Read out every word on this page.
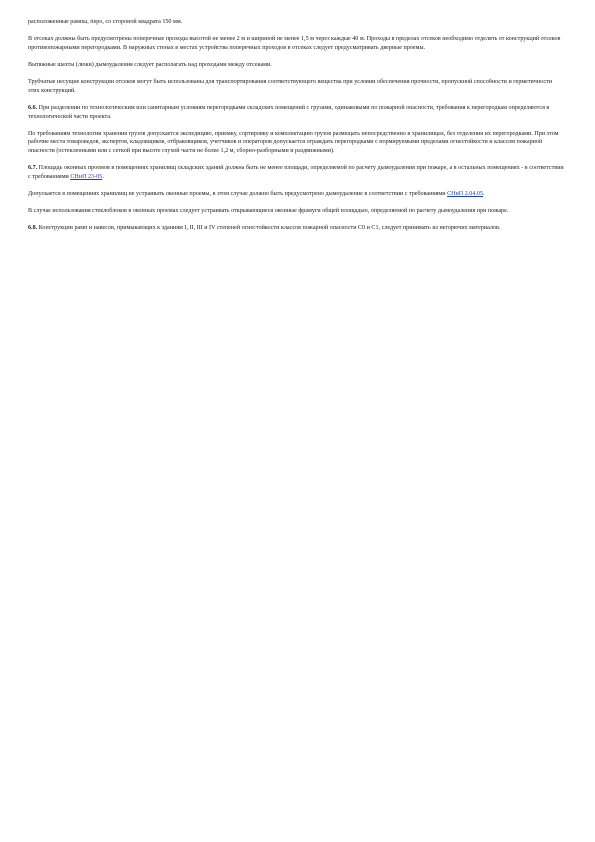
расположенные рампы, перо, со стороной квадрата 150 мм.

В отсеках должны быть предусмотрены поперечные проходы высотой не менее 2 м и шириной не менее 1,5 м через каждые 40 м. Проходы в пределах отсеков необходимо отделять от конструкций отсеков противопожарными перегородками. В наружных стенах в местах устройства поперечных проходов в отсеках следует предусматривать дверные проемы.

Вытяжные шахты (люки) дымоудаления следует располагать над проходами между отсеками.

Трубчатые несущие конструкции отсеков могут быть использованы для транспортирования соответствующего вещества при условии обеспечения прочности, пропускной способности и герметичности этих конструкций.

6.6. При разделении по технологическим или санитарным условиям перегородками складских помещений с грузами, одинаковыми по пожарной опасности, требования к перегородкам определяются в технологической части проекта.

По требованиям технологии хранения грузов допускается экспедицию, приемку, сортировку и комплектацию грузов размещать непосредственно в хранилищах, без отделения их перегородками. При этом рабочие места товароведов, экспертов, кладовщиков, отбраковщиков, учетчиков и операторов допускается ограждать перегородками с нормируемыми пределами огнестойкости и классом пожарной опасности (остекленными или с сеткой при высоте глухой части не более 1,2 м, сборно-разборными и раздвижными).

6.7. Площадь оконных проемов в помещениях хранилищ складских зданий должна быть не менее площади, определяемой по расчету дымоудаления при пожаре, а в остальных помещениях - в соответствии с требованиями СНиП 23-05.

Допускается в помещениях хранилищ не устраивать оконные проемы, в этом случае должно быть предусмотрено дымоудаление в соответствии с требованиями СНиП 2.04.05.

В случае использования стеклоблоков в оконных проемах следует устраивать открывающиеся оконные фрамуги общей площадью, определяемой по расчету дымоудаления при пожаре.

6.8. Конструкции рамп и навесов, примыкающих к зданиям I, II, III и IV степеней огнестойкости классов пожарной опасности С0 и С1, следует принимать из негорючих материалов.
